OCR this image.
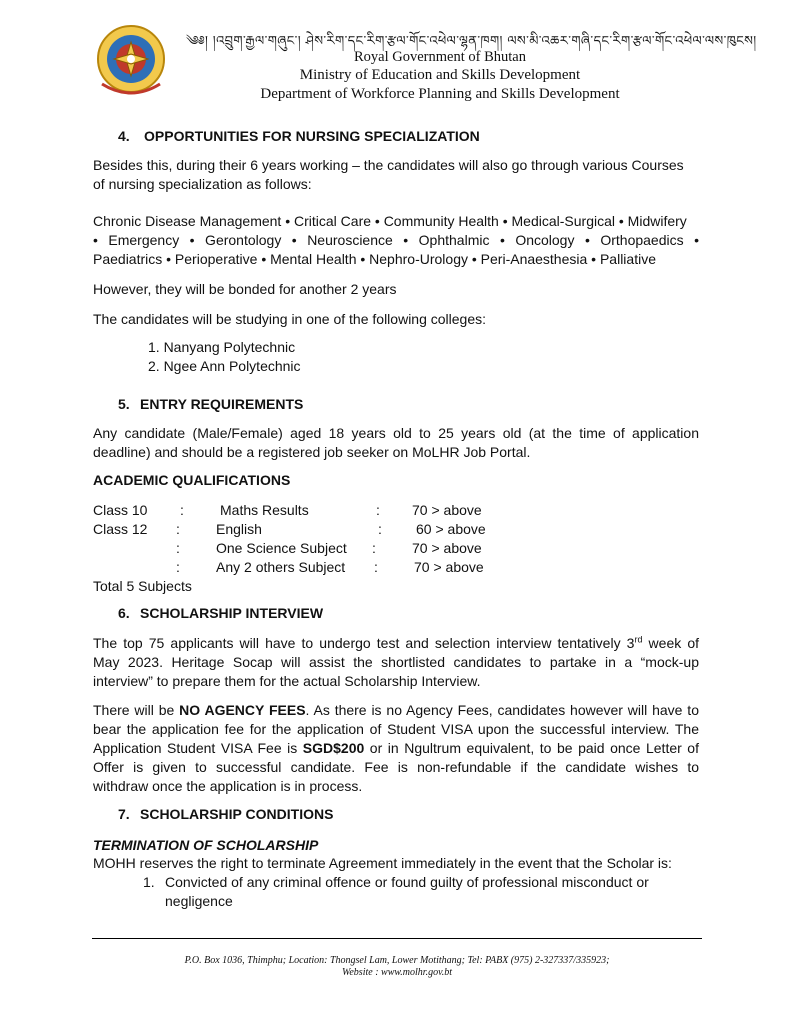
༄༅། །འབྲུག་རྒྱལ་གཞུང་། ཤེས་རིག་དང་རིག་རྩལ་གོང་འཕེལ་ལྷན་ཁག། ལས་མི་འཆར་གཞི་དང་རིག་རྩལ་གོང་འཕེལ་ལས་ཁུངས།
Royal Government of Bhutan
Ministry of Education and Skills Development
Department of Workforce Planning and Skills Development
4. OPPORTUNITIES FOR NURSING SPECIALIZATION
Besides this, during their 6 years working – the candidates will also go through various Courses
of nursing specialization as follows:
Chronic Disease Management • Critical Care • Community Health • Medical-Surgical • Midwifery
• Emergency • Gerontology • Neuroscience • Ophthalmic • Oncology • Orthopaedics •
Paediatrics • Perioperative • Mental Health • Nephro-Urology • Peri-Anaesthesia • Palliative
However, they will be bonded for another 2 years
The candidates will be studying in one of the following colleges:
1. Nanyang Polytechnic
2. Ngee Ann Polytechnic
5. ENTRY REQUIREMENTS
Any candidate (Male/Female) aged 18 years old to 25 years old (at the time of application
deadline) and should be a registered job seeker on MoLHR Job Portal.
ACADEMIC QUALIFICATIONS
Class 10 :	Maths Results	: 70 > above
Class 12 :	English	: 60 > above
:	One Science Subject :	70 > above
:	Any 2 others Subject :	70 > above
Total 5 Subjects
6. SCHOLARSHIP INTERVIEW
The top 75 applicants will have to undergo test and selection interview tentatively 3rd week of
May 2023. Heritage Socap will assist the shortlisted candidates to partake in a “mock-up
interview” to prepare them for the actual Scholarship Interview.
There will be NO AGENCY FEES. As there is no Agency Fees, candidates however will have to
bear the application fee for the application of Student VISA upon the successful interview. The
Application Student VISA Fee is SGD$200 or in Ngultrum equivalent, to be paid once Letter of
Offer is given to successful candidate. Fee is non-refundable if the candidate wishes to
withdraw once the application is in process.
7. SCHOLARSHIP CONDITIONS
TERMINATION OF SCHOLARSHIP
MOHH reserves the right to terminate Agreement immediately in the event that the Scholar is:
1. Convicted of any criminal offence or found guilty of professional misconduct or
negligence
P.O. Box 1036, Thimphu; Location: Thongsel Lam, Lower Motithang; Tel: PABX (975) 2-327337/335923;
Website : www.molhr.gov.bt
